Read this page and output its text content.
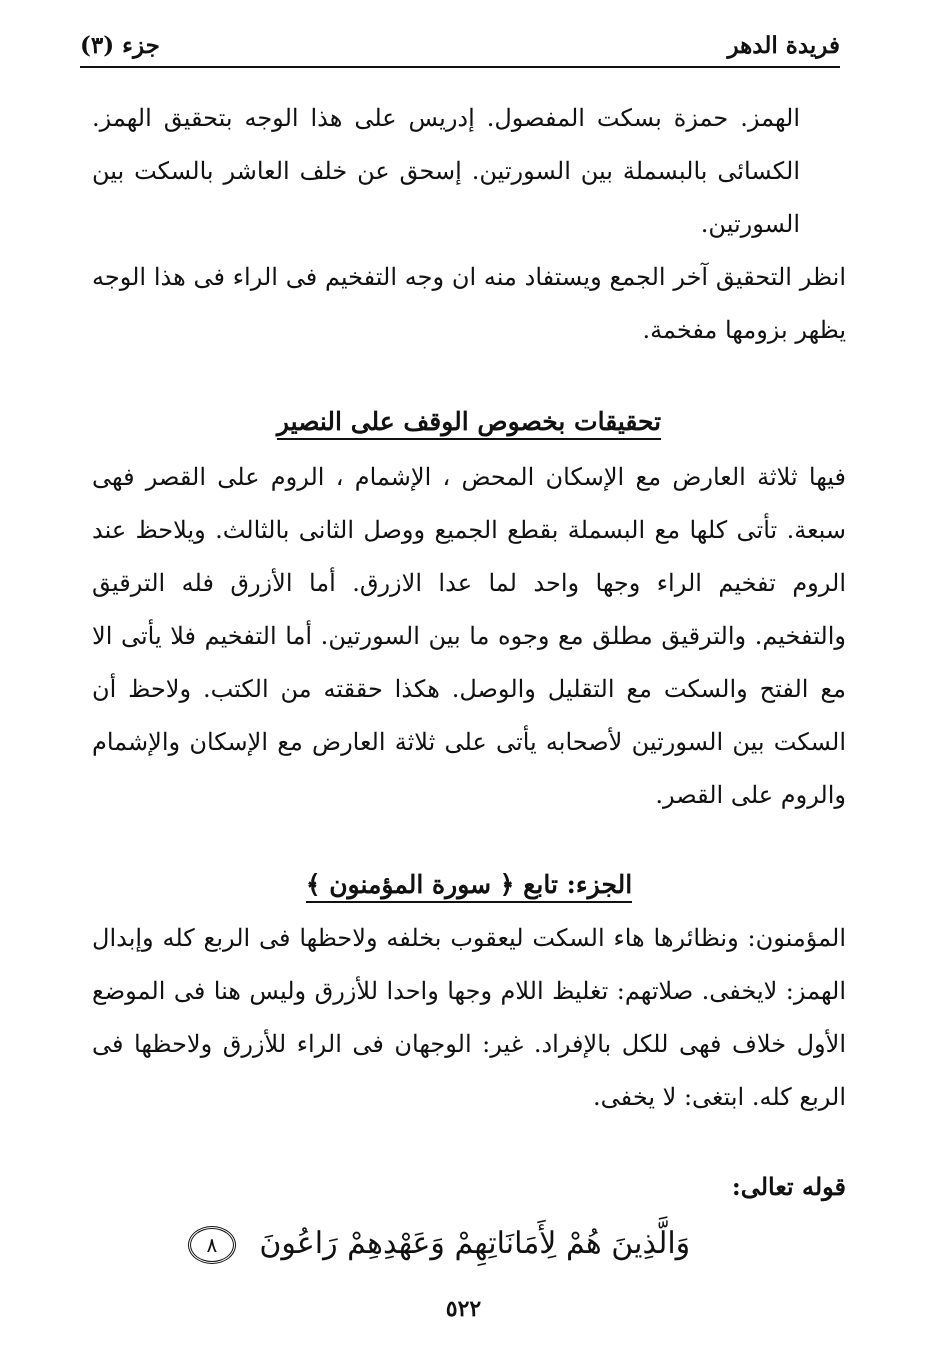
فريدة الدهر
جزء (٣)

الهمز. حمزة بسكت المفصول. إدريس على هذا الوجه بتحقيق الهمز. الكسائى بالبسملة بين السورتين. إسحق عن خلف العاشر بالسكت بين السورتين.

انظر التحقيق آخر الجمع ويستفاد منه ان وجه التفخيم فى الراء فى هذا الوجه يظهر بزومها مفخمة.

تحقيقات بخصوص الوقف على النصير

فيها ثلاثة العارض مع الإسكان المحض ، الإشمام ، الروم على القصر فهى سبعة. تأتى كلها مع البسملة بقطع الجميع ووصل الثانى بالثالث. ويلاحظ عند الروم تفخيم الراء وجها واحد لما عدا الازرق. أما الأزرق فله الترقيق والتفخيم. والترقيق مطلق مع وجوه ما بين السورتين. أما التفخيم فلا يأتى الا مع الفتح والسكت مع التقليل والوصل. هكذا حققته من الكتب. ولاحظ أن السكت بين السورتين لأصحابه يأتى على ثلاثة العارض مع الإسكان والإشمام والروم على القصر.

الجزء: تابع ﴿ سورة المؤمنون ﴾

المؤمنون: ونظائرها هاء السكت ليعقوب بخلفه ولاحظها فى الربع كله وإبدال الهمز: لايخفى. صلاتهم: تغليظ اللام وجها واحدا للأزرق وليس هنا فى الموضع الأول خلاف فهى للكل بالإفراد. غير: الوجهان فى الراء للأزرق ولاحظها فى الربع كله. ابتغى: لا يخفى.

قوله تعالى:
وَالَّذِينَ هُمْ لِأَمَانَاتِهِمْ وَعَهْدِهِمْ رَاعُونَ ٨
٥٢٢
